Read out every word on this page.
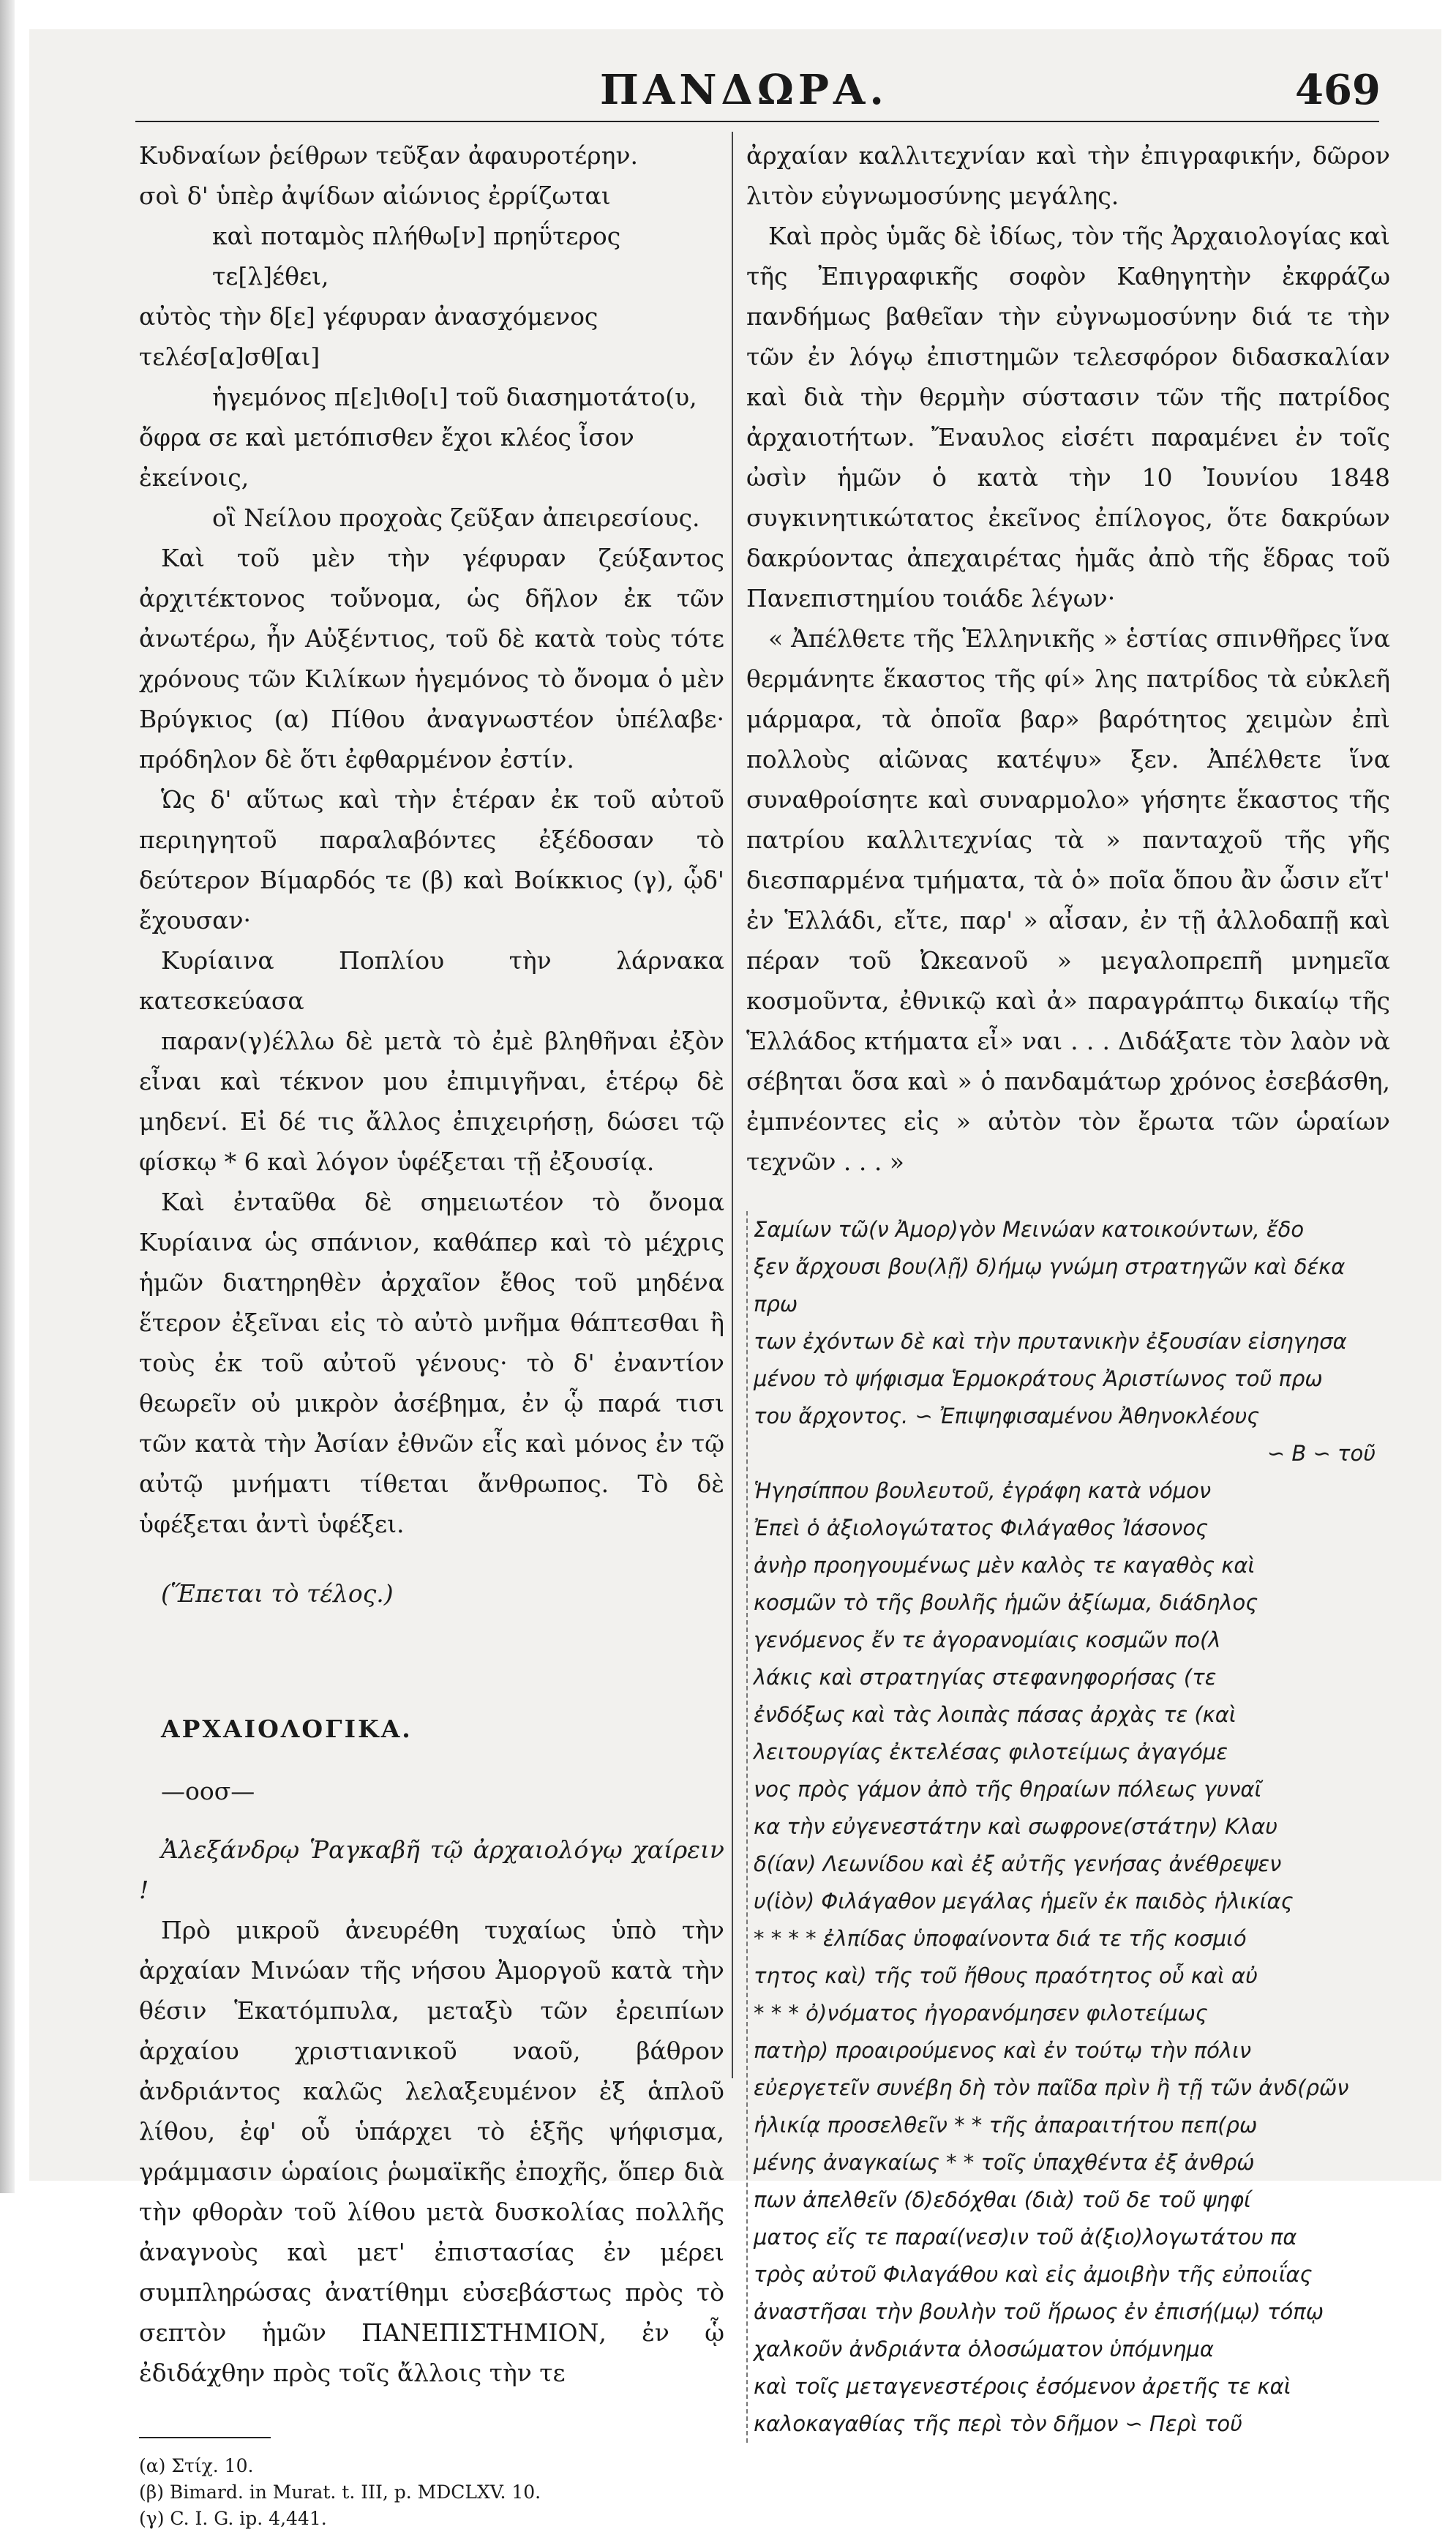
ΠΑΝΔΩΡΑ.	469

Κυδναίων ῥείθρων τεῦξαν ἀφαυροτέρην.

σοὶ δ' ὑπὲρ ἀψίδων αἰώνιος ἐρρίζωται

καὶ ποταμὸς πλήθω[ν] πρηΰτερος τε[λ]έθει,

αὐτὸς τὴν δ[ε] γέφυραν ἀνασχόμενος τελέσ[α]σθ[αι]

ἡγεμόνος π[ε]ιθο[ι] τοῦ διασημοτάτο(υ,

ὄφρα σε καὶ μετόπισθεν ἔχοι κλέος ἶσον ἐκείνοις,

οἳ Νείλου προχοὰς ζεῦξαν ἀπειρεσίους.

Καὶ τοῦ μὲν τὴν γέφυραν ζεύξαντος ἀρχιτέκτονος τοὔνομα, ὡς δῆλον ἐκ τῶν ἀνωτέρω, ἦν Αὐξέντιος, τοῦ δὲ κατὰ τοὺς τότε χρόνους τῶν Κιλίκων ἡγεμόνος τὸ ὄνομα ὁ μὲν Βρύγκιος (α) Πίθου ἀναγνωστέον ὑπέλαβε· πρόδηλον δὲ ὅτι ἐφθαρμένον ἐστίν.

Ὡς δ' αὕτως καὶ τὴν ἑτέραν ἐκ τοῦ αὐτοῦ περιηγητοῦ παραλαβόντες ἐξέδοσαν τὸ δεύτερον Βίμαρδός τε (β) καὶ Βοίκκιος (γ), ᾧδ' ἔχουσαν·

Κυρίαινα Ποπλίου τὴν λάρνακα κατεσκεύασα

παραν(γ)έλλω δὲ μετὰ τὸ ἐμὲ βληθῆναι ἐξὸν εἶναι καὶ τέκνον μου ἐπιμιγῆναι, ἑτέρῳ δὲ μηδενί. Εἰ δέ τις ἄλλος ἐπιχειρήσῃ, δώσει τῷ φίσκῳ * 6 καὶ λόγον ὑφέξεται τῇ ἐξουσίᾳ.

Καὶ ἐνταῦθα δὲ σημειωτέον τὸ ὄνομα Κυρίαινα ὡς σπάνιον, καθάπερ καὶ τὸ μέχρις ἡμῶν διατηρηθὲν ἀρχαῖον ἔθος τοῦ μηδένα ἕτερον ἐξεῖναι εἰς τὸ αὐτὸ μνῆμα θάπτεσθαι ἢ τοὺς ἐκ τοῦ αὐτοῦ γένους· τὸ δ' ἐναντίον θεωρεῖν οὐ μικρὸν ἀσέβημα, ἐν ᾧ παρά τισι τῶν κατὰ τὴν Ἀσίαν ἐθνῶν εἷς καὶ μόνος ἐν τῷ αὐτῷ μνήματι τίθεται ἄνθρωπος. Τὸ δὲ ὑφέξεται ἀντὶ ὑφέξει.

(Ἕπεται τὸ τέλος.)

ΑΡΧΑΙΟΛΟΓΙΚΑ.

—οοσ—

Ἀλεξάνδρῳ Ῥαγκαβῆ τῷ ἀρχαιολόγῳ χαίρειν !

Πρὸ μικροῦ ἀνευρέθη τυχαίως ὑπὸ τὴν ἀρχαίαν Μινώαν τῆς νήσου Ἀμοργοῦ κατὰ τὴν θέσιν Ἑκατόμπυλα, μεταξὺ τῶν ἐρειπίων ἀρχαίου χριστιανικοῦ ναοῦ, βάθρον ἀνδριάντος καλῶς λελαξευμένον ἐξ ἁπλοῦ λίθου, ἐφ' οὗ ὑπάρχει τὸ ἑξῆς ψήφισμα, γράμμασιν ὡραίοις ῥωμαϊκῆς ἐποχῆς, ὅπερ διὰ τὴν φθορὰν τοῦ λίθου μετὰ δυσκολίας πολλῆς ἀναγνοὺς καὶ μετ' ἐπιστασίας ἐν μέρει συμπληρώσας ἀνατίθημι εὐσεβάστως πρὸς τὸ σεπτὸν ἡμῶν ΠΑΝΕΠΙΣΤΗΜΙΟΝ, ἐν ᾧ ἐδιδάχθην πρὸς τοῖς ἄλλοις τὴν τε

(α) Στίχ. 10.

(β) Bimard. in Murat. t. III, p. MDCLXV. 10.

(γ) C. I. G. ip. 4,441.

ἀρχαίαν καλλιτεχνίαν καὶ τὴν ἐπιγραφικήν, δῶρον λιτὸν εὐγνωμοσύνης μεγάλης.

Καὶ πρὸς ὑμᾶς δὲ ἰδίως, τὸν τῆς Ἀρχαιολογίας καὶ τῆς Ἐπιγραφικῆς σοφὸν Καθηγητὴν ἐκφράζω πανδήμως βαθεῖαν τὴν εὐγνωμοσύνην διά τε τὴν τῶν ἐν λόγῳ ἐπιστημῶν τελεσφόρον διδασκαλίαν καὶ διὰ τὴν θερμὴν σύστασιν τῶν τῆς πατρίδος ἀρχαιοτήτων. Ἔναυλος εἰσέτι παραμένει ἐν τοῖς ὠσὶν ἡμῶν ὁ κατὰ τὴν 10 Ἰουνίου 1848 συγκινητικώτατος ἐκεῖνος ἐπίλογος, ὅτε δακρύων δακρύοντας ἀπεχαιρέτας ἡμᾶς ἀπὸ τῆς ἕδρας τοῦ Πανεπιστημίου τοιάδε λέγων·

« Ἀπέλθετε τῆς Ἑλληνικῆς » ἑστίας σπινθῆρες ἵνα θερμάνητε ἕκαστος τῆς φί» λης πατρίδος τὰ εὐκλεῆ μάρμαρα, τὰ ὁποῖα βαρ» βαρότητος χειμὼν ἐπὶ πολλοὺς αἰῶνας κατέψυ» ξεν. Ἀπέλθετε ἵνα συναθροίσητε καὶ συναρμολο» γήσητε ἕκαστος τῆς πατρίου καλλιτεχνίας τὰ » πανταχοῦ τῆς γῆς διεσπαρμένα τμήματα, τὰ ὁ» ποῖα ὅπου ἂν ὦσιν εἴτ' ἐν Ἑλλάδι, εἴτε, παρ' » αἶσαν, ἐν τῇ ἀλλοδαπῇ καὶ πέραν τοῦ Ὠκεανοῦ » μεγαλοπρεπῆ μνημεῖα κοσμοῦντα, ἐθνικῷ καὶ ἀ» παραγράπτῳ δικαίῳ τῆς Ἑλλάδος κτήματα εἶ» ναι . . . Διδάξατε τὸν λαὸν νὰ σέβηται ὅσα καὶ » ὁ πανδαμάτωρ χρόνος ἐσεβάσθη, ἐμπνέοντες εἰς » αὐτὸν τὸν ἔρωτα τῶν ὡραίων τεχνῶν . . . »

Σαμίων τῶ(ν Ἀμορ)γὸν Μεινώαν κατοικούντων, ἔδο

ξεν ἄρχουσι βου(λῇ) δ)ήμῳ γνώμη στρατηγῶν καὶ δέκα πρω

των ἐχόντων δὲ καὶ τὴν πρυτανικὴν ἐξουσίαν εἰσηγησα

μένου τὸ ψήφισμα Ἑρμοκράτους Ἀριστίωνος τοῦ πρω

του ἄρχοντος. ∽ Ἐπιψηφισαμένου Ἀθηνοκλέους

∽ B ∽ τοῦ

Ἡγησίππου βουλευτοῦ, ἐγράφη κατὰ νόμον

Ἐπεὶ ὁ ἀξιολογώτατος Φιλάγαθος Ἰάσονος

ἀνὴρ προηγουμένως μὲν καλὸς τε καγαθὸς καὶ

κοσμῶν τὸ τῆς βουλῆς ἡμῶν ἀξίωμα, διάδηλος

γενόμενος ἔν τε ἀγορανομίαις κοσμῶν πο(λ

λάκις καὶ στρατηγίας στεφανηφορήσας (τε

ἐνδόξως καὶ τὰς λοιπὰς πάσας ἀρχὰς τε (καὶ

λειτουργίας ἐκτελέσας φιλοτείμως ἀγαγόμε

νος πρὸς γάμον ἀπὸ τῆς θηραίων πόλεως γυναῖ

κα τὴν εὐγενεστάτην καὶ σωφρονε(στάτην) Κλαυ

δ(ίαν) Λεωνίδου καὶ ἐξ αὐτῆς γενήσας ἀνέθρεψεν

υ(ἱὸν) Φιλάγαθον μεγάλας ἡμεῖν ἐκ παιδὸς ἡλικίας

* * * * ἐλπίδας ὑποφαίνοντα διά τε τῆς κοσμιό

τητος καὶ) τῆς τοῦ ἤθους πραότητος οὗ καὶ αὐ

* * * ὀ)νόματος ἠγορανόμησεν φιλοτείμως

πατὴρ) προαιρούμενος καὶ ἐν τούτῳ τὴν πόλιν

εὐεργετεῖν συνέβη δὴ τὸν παῖδα πρὶν ἢ τῇ τῶν ἀνδ(ρῶν

ἡλικίᾳ προσελθεῖν * * τῆς ἀπαραιτήτου πεπ(ρω

μένης ἀναγκαίως * * τοῖς ὑπαχθέντα ἐξ ἀνθρώ

πων ἀπελθεῖν (δ)εδόχθαι (διὰ) τοῦ δε τοῦ ψηφί

ματος εἴς τε παραί(νεσ)ιν τοῦ ἀ(ξιο)λογωτάτου πα

τρὸς αὐτοῦ Φιλαγάθου καὶ εἰς ἀμοιβὴν τῆς εὐποιΐας

ἀναστῆσαι τὴν βουλὴν τοῦ ἥρωος ἐν ἐπισή(μῳ) τόπῳ

χαλκοῦν ἀνδριάντα ὁλοσώματον ὑπόμνημα

καὶ τοῖς μεταγενεστέροις ἐσόμενον ἀρετῆς τε καὶ

καλοκαγαθίας τῆς περὶ τὸν δῆμον ∽ Περὶ τοῦ
